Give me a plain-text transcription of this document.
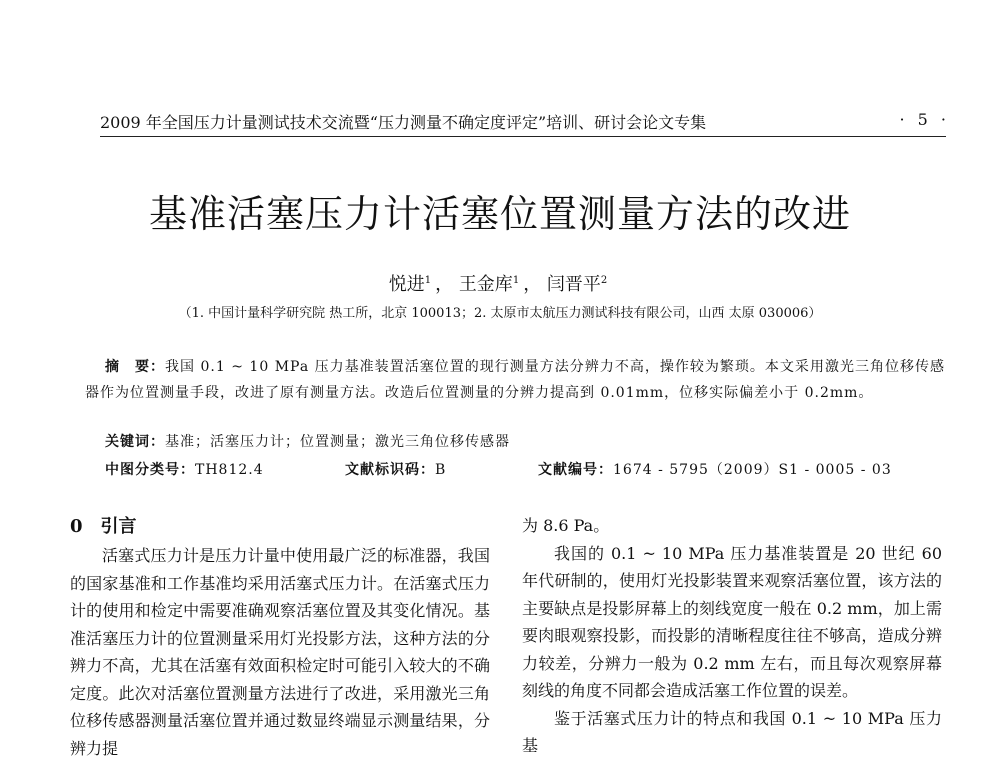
2009 年全国压力计量测试技术交流暨“压力测量不确定度评定”培训、研讨会论文专集	· 5 ·
基准活塞压力计活塞位置测量方法的改进
悦进$^1$ ， 王金库$^1$ ， 闫晋平$^2$
（1. 中国计量科学研究院 热工所，北京 100013；2. 太原市太航压力测试科技有限公司，山西 太原 030006）
摘　要：我国 0.1 ~ 10 MPa 压力基准装置活塞位置的现行测量方法分辨力不高，操作较为繁琐。本文采用激光三角位移传感器作为位置测量手段，改进了原有测量方法。改造后位置测量的分辨力提高到 0.01mm，位移实际偏差小于 0.2mm。
关键词：基准；活塞压力计；位置测量；激光三角位移传感器
中图分类号：TH812.4	文献标识码：B	文献编号：1674 - 5795（2009）S1 - 0005 - 03
0　引言

活塞式压力计是压力计量中使用最广泛的标准器，我国的国家基准和工作基准均采用活塞式压力计。在活塞式压力计的使用和检定中需要准确观察活塞位置及其变化情况。基准活塞压力计的位置测量采用灯光投影方法，这种方法的分辨力不高，尤其在活塞有效面积检定时可能引入较大的不确定度。此次对活塞位置测量方法进行了改进，采用激光三角位移传感器测量活塞位置并通过数显终端显示测量结果，分辨力提

为 8.6 Pa。

我国的 0.1 ~ 10 MPa 压力基准装置是 20 世纪 60 年代研制的，使用灯光投影装置来观察活塞位置，该方法的主要缺点是投影屏幕上的刻线宽度一般在 0.2 mm，加上需要肉眼观察投影，而投影的清晰程度往往不够高，造成分辨力较差，分辨力一般为 0.2 mm 左右，而且每次观察屏幕刻线的角度不同都会造成活塞工作位置的误差。

鉴于活塞式压力计的特点和我国 0.1 ~ 10 MPa 压力基
